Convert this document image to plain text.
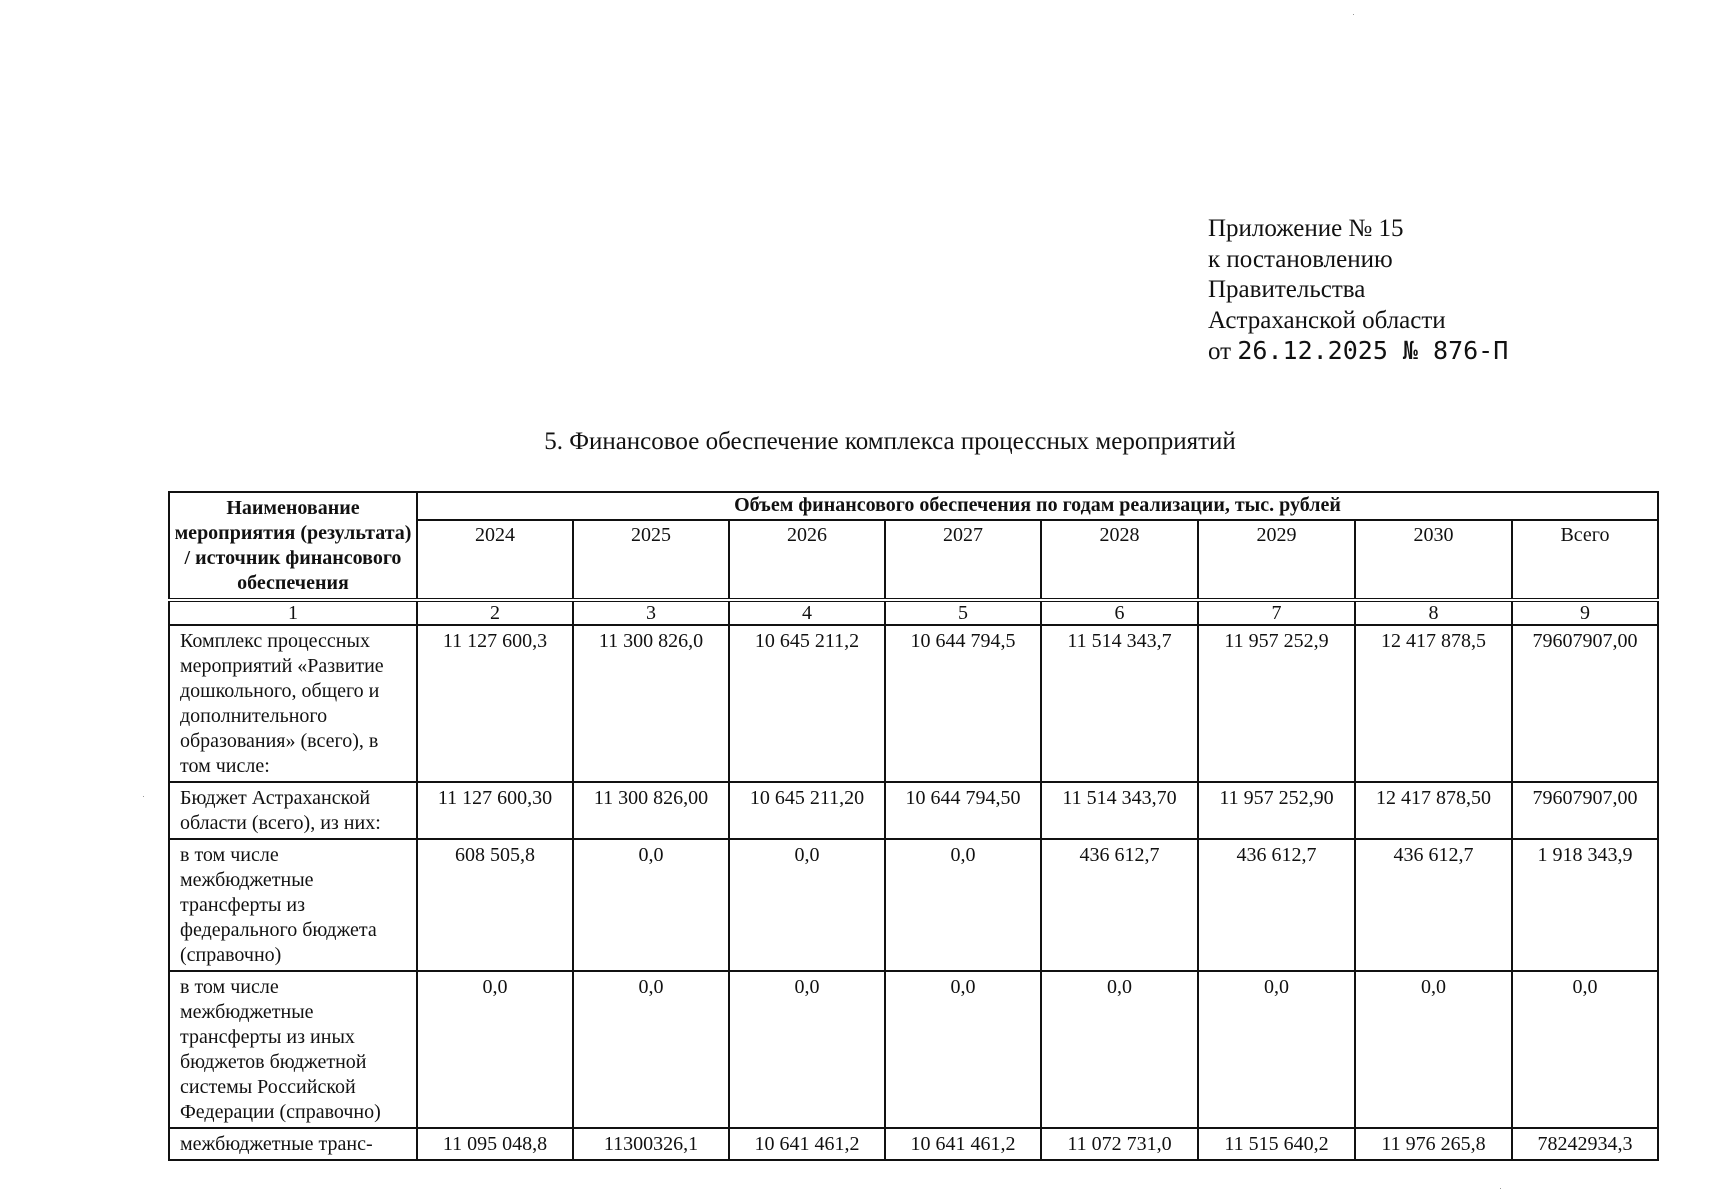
Приложение № 15
к постановлению
Правительства
Астраханской области
от 26.12.2025 № 876-П
5. Финансовое обеспечение комплекса процессных мероприятий
Наименование мероприятия (результата) / источник финансового обеспечения	Объем финансового обеспечения по годам реализации, тыс. рублей							
	2024	2025	2026	2027	2028	2029	2030	Всего
1	2	3	4	5	6	7	8	9
Комплекс процессных мероприятий «Развитие дошкольного, общего и дополнительного образования» (всего), в том числе:	11 127 600,3	11 300 826,0	10 645 211,2	10 644 794,5	11 514 343,7	11 957 252,9	12 417 878,5	79607907,00
Бюджет Астраханской области (всего), из них:	11 127 600,30	11 300 826,00	10 645 211,20	10 644 794,50	11 514 343,70	11 957 252,90	12 417 878,50	79607907,00
в том числе межбюджетные трансферты из федерального бюджета (справочно)	608 505,8	0,0	0,0	0,0	436 612,7	436 612,7	436 612,7	1 918 343,9
в том числе межбюджетные трансферты из иных бюджетов бюджетной системы Российской Федерации (справочно)	0,0	0,0	0,0	0,0	0,0	0,0	0,0	0,0
межбюджетные транс-	11 095 048,8	11300326,1	10 641 461,2	10 641 461,2	11 072 731,0	11 515 640,2	11 976 265,8	78242934,3
